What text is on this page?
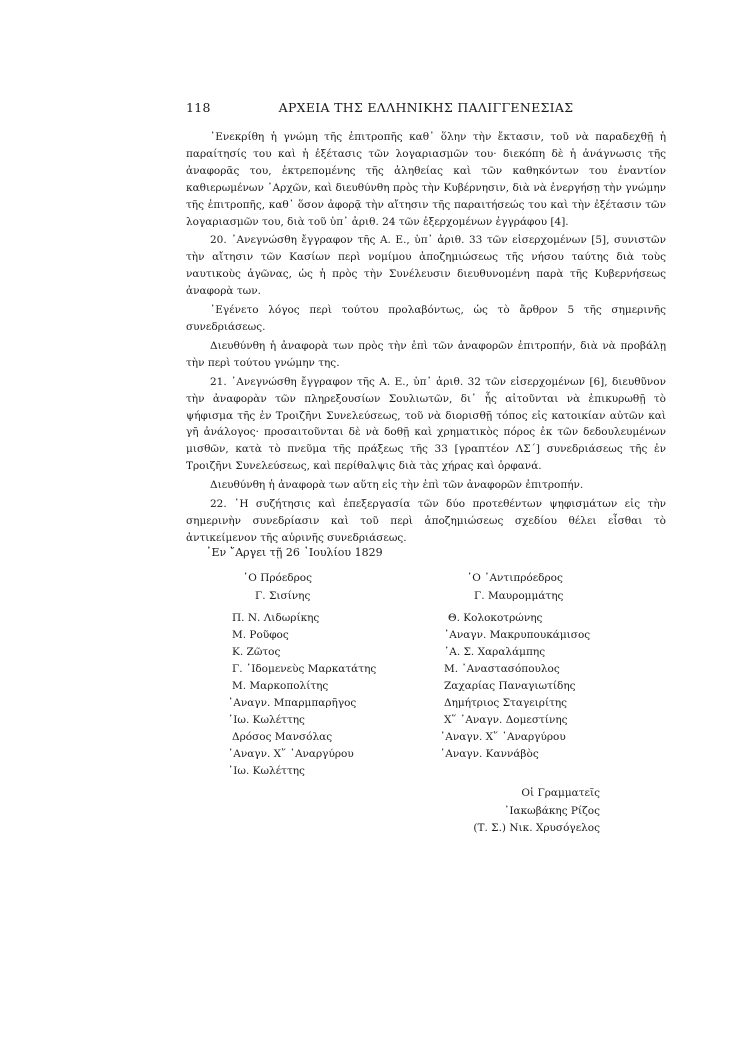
118	ΑΡΧΕΙΑ ΤΗΣ ΕΛΛΗΝΙΚΗΣ ΠΑΛΙΓΓΕΝΕΣΙΑΣ

᾿Ενεκρίθη ἡ γνώμη τῆς ἐπιτροπῆς καθ᾿ ὅλην τὴν ἔκτασιν, τοῦ νὰ παραδεχθῇ ἡ παραίτησίς του καὶ ἡ ἐξέτασις τῶν λογαριασμῶν του· διεκόπη δὲ ἡ ἀνάγνωσις τῆς ἀναφορᾶς του, ἐκτρεπομένης τῆς ἀληθείας καὶ τῶν καθηκόντων του ἐναντίον καθιερωμένων ᾿Αρχῶν, καὶ διευθύνθη πρὸς τὴν Κυβέρνησιν, διὰ νὰ ἐνεργήσῃ τὴν γνώμην τῆς ἐπιτροπῆς, καθ᾿ ὅσον ἀφορᾷ τὴν αἴτησιν τῆς παραιτήσεώς του καὶ τὴν ἐξέτασιν τῶν λογαριασμῶν του, διὰ τοῦ ὑπ᾿ ἀριθ. 24 τῶν ἐξερχομένων ἐγγράφου [4].

20. ᾿Ανεγνώσθη ἔγγραφον τῆς Α. Ε., ὑπ᾿ ἀριθ. 33 τῶν εἰσερχομένων [5], συνιστῶν τὴν αἴτησιν τῶν Κασίων περὶ νομίμου ἀποζημιώσεως τῆς νήσου ταύτης διὰ τοὺς ναυτικοὺς ἀγῶνας, ὡς ἡ πρὸς τὴν Συνέλευσιν διευθυνομένη παρὰ τῆς Κυβερνήσεως ἀναφορὰ των.

᾿Εγένετο λόγος περὶ τούτου προλαβόντως, ὡς τὸ ἄρθρον 5 τῆς σημερινῆς συνεδριάσεως.

Διευθύνθη ἡ ἀναφορὰ των πρὸς τὴν ἐπὶ τῶν ἀναφορῶν ἐπιτροπήν, διὰ νὰ προβάλῃ τὴν περὶ τούτου γνώμην της.

21. ᾿Ανεγνώσθη ἔγγραφον τῆς Α. Ε., ὑπ᾿ ἀριθ. 32 τῶν εἰσερχομένων [6], διευθῦνον τὴν ἀναφορὰν τῶν πληρεξουσίων Σουλιωτῶν, δι᾿ ἧς αἰτοῦνται νὰ ἐπικυρωθῇ τὸ ψήφισμα τῆς ἐν Τροιζῆνι Συνελεύσεως, τοῦ νὰ διορισθῇ τόπος εἰς κατοικίαν αὐτῶν καὶ γῆ ἀνάλογος· προσαιτοῦνται δὲ νὰ δοθῇ καὶ χρηματικὸς πόρος ἐκ τῶν δεδουλευμένων μισθῶν, κατὰ τὸ πνεῦμα τῆς πράξεως τῆς 33 [γραπτέον ΛΣ΄] συνεδριάσεως τῆς ἐν Τροιζῆνι Συνελεύσεως, καὶ περίθαλψις διὰ τὰς χήρας καὶ ὀρφανά.

Διευθύνθη ἡ ἀναφορὰ των αὕτη εἰς τὴν ἐπὶ τῶν ἀναφορῶν ἐπιτροπήν.

22. ῾Η συζήτησις καὶ ἐπεξεργασία τῶν δύο προτεθέντων ψηφισμάτων εἰς τὴν σημερινὴν συνεδρίασιν καὶ τοῦ περὶ ἀποζημιώσεως σχεδίου θέλει εἶσθαι τὸ ἀντικείμενον τῆς αὐρινῆς συνεδριάσεως.

᾿Εν ῎Αργει τῇ 26 ᾿Ιουλίου 1829
῾Ο Πρόεδρος
Γ. Σισίνης
῾Ο ᾿Αντιπρόεδρος
Γ. Μαυρομμάτης
Π. Ν. Λιδωρίκης
Μ. Ροῦφος
Κ. Ζῶτος
Γ. ᾿Ιδομενεὺς Μαρκατάτης
Μ. Μαρκοπολίτης
᾿Αναγν. Μπαρμπαρῆγος
᾿Ιω. Κωλέττης
Δρόσος Μανσόλας
᾿Αναγν. Χ῞ ᾿Αναργύρου
᾿Ιω. Κωλέττης
Θ. Κολοκοτρώνης
᾿Αναγν. Μακρυπουκάμισος
᾿Α. Σ. Χαραλάμπης
Μ. ᾿Αναστασόπουλος
Ζαχαρίας Παναγιωτίδης
Δημήτριος Σταγειρίτης
Χ῞ ᾿Αναγν. Δομεστίνης
᾿Αναγν. Χ῞ ᾿Αναργύρου
᾿Αναγν. Καννάβὸς
Οἱ Γραμματεῖς
᾿Ιακωβάκης Ρίζος
(Τ. Σ.) Νικ. Χρυσόγελος
